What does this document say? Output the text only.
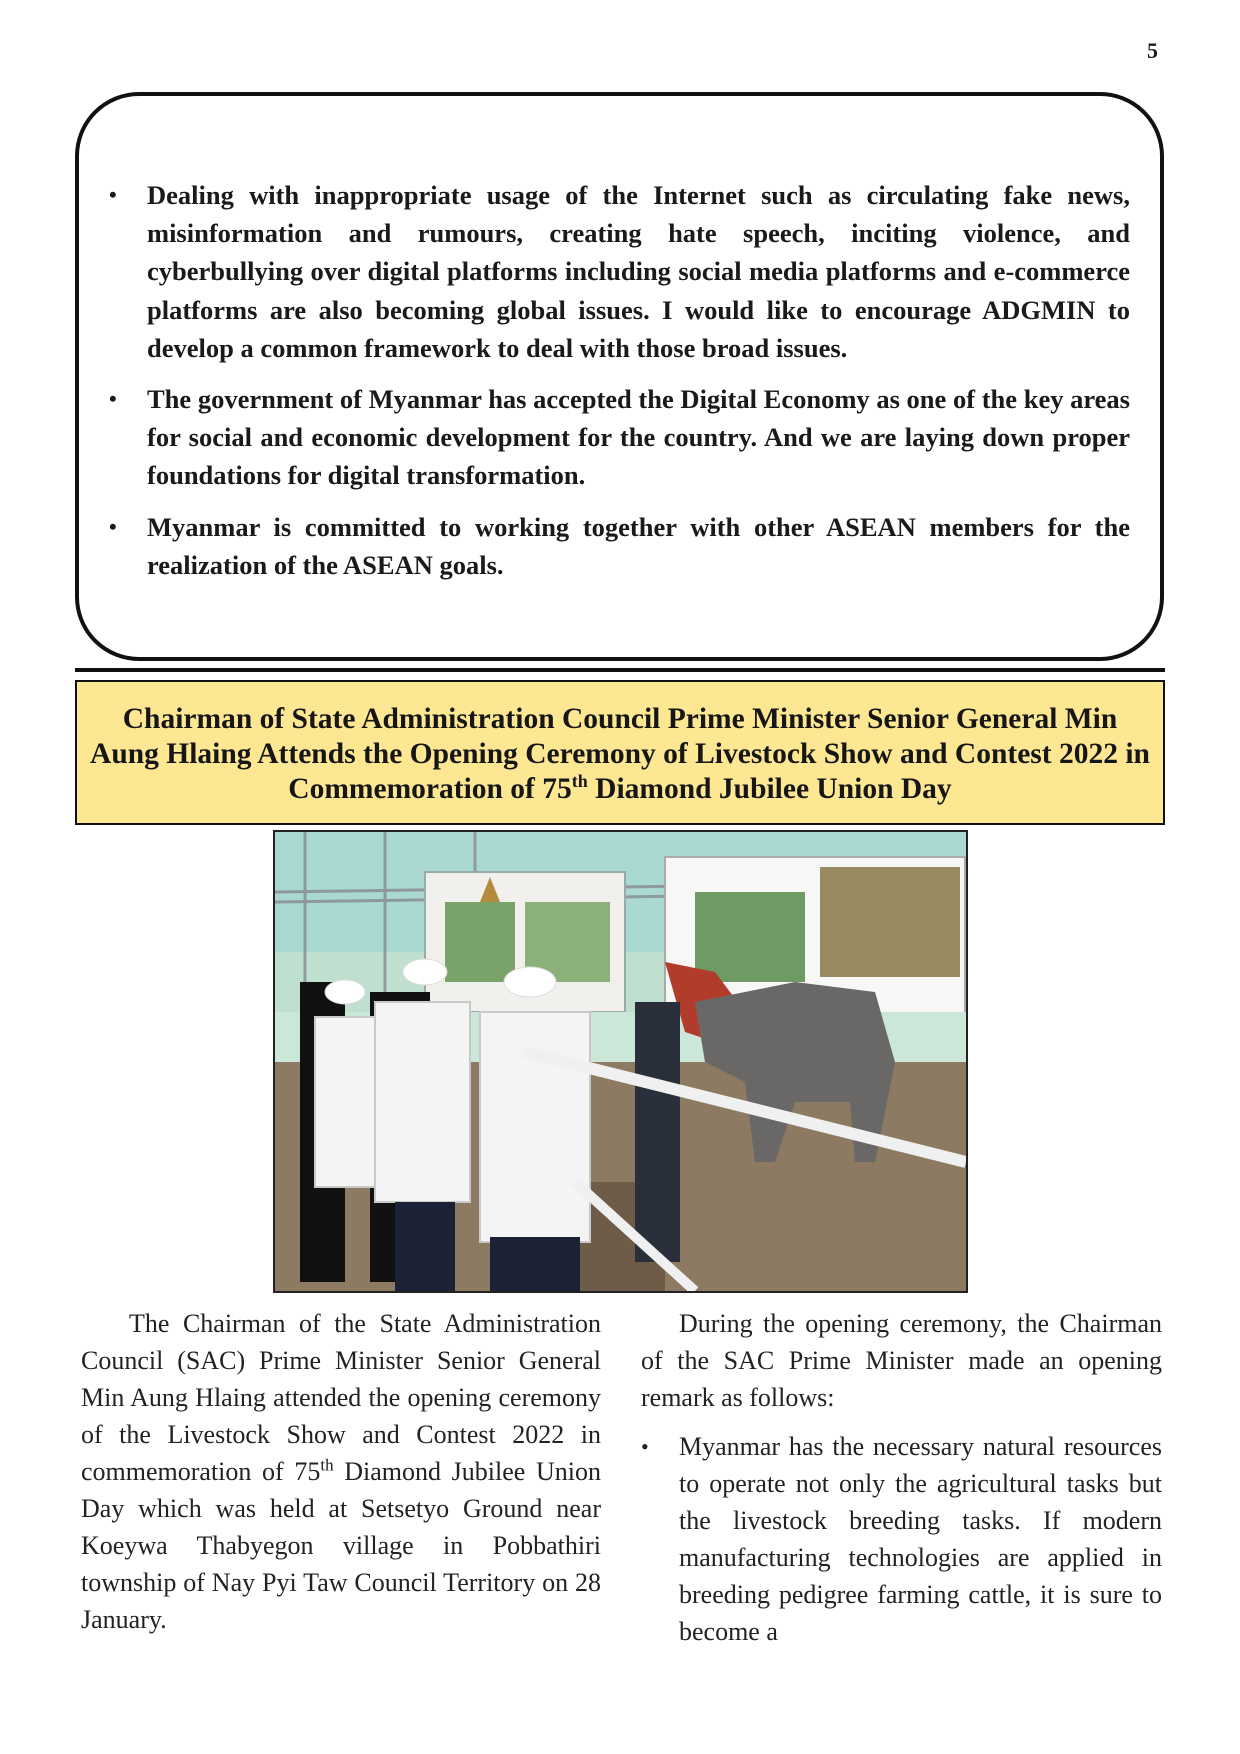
5
• Dealing with inappropriate usage of the Internet such as circulating fake news, misinformation and rumours, creating hate speech, inciting violence, and cyberbullying over digital platforms including social media platforms and e-commerce platforms are also becoming global issues. I would like to encourage ADGMIN to develop a common framework to deal with those broad issues.
• The government of Myanmar has accepted the Digital Economy as one of the key areas for social and economic development for the country. And we are laying down proper foundations for digital transformation.
• Myanmar is committed to working together with other ASEAN members for the realization of the ASEAN goals.
Chairman of State Administration Council Prime Minister Senior General Min Aung Hlaing Attends the Opening Ceremony of Livestock Show and Contest 2022 in Commemoration of 75th Diamond Jubilee Union Day

The Chairman of the State Administration Council (SAC) Prime Minister Senior General Min Aung Hlaing attended the opening ceremony of the Livestock Show and Contest 2022 in commemoration of 75th Diamond Jubilee Union Day which was held at Setsetyo Ground near Koeywa Thabyegon village in Pobbathiri township of Nay Pyi Taw Council Territory on 28 January.

During the opening ceremony, the Chairman of the SAC Prime Minister made an opening remark as follows:

• Myanmar has the necessary natural resources to operate not only the agricultural tasks but the livestock breeding tasks. If modern manufacturing technologies are applied in breeding pedigree farming cattle, it is sure to become a
